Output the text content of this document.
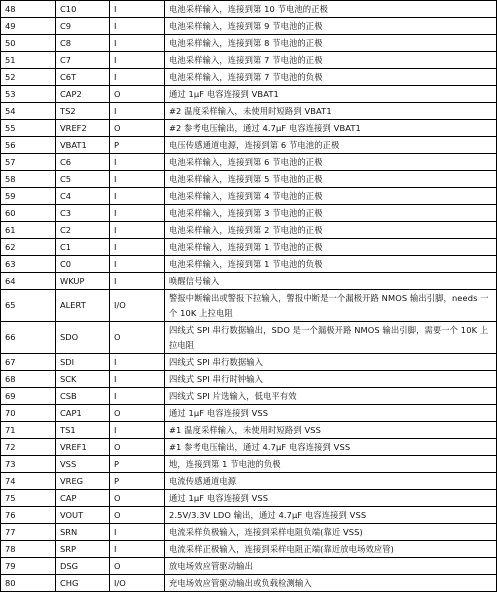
48	C10	I	电池采样输入，连接到第 10 节电池的正极
49	C9	I	电池采样输入，连接到第 9 节电池的正极
50	C8	I	电池采样输入，连接到第 8 节电池的正极
51	C7	I	电池采样输入，连接到第 7 节电池的正极
52	C6T	I	电池采样输入，连接到第 7 节电池的负极
53	CAP2	O	通过 1μF 电容连接到 VBAT1
54	TS2	I	#2 温度采样输入，未使用时短路到 VBAT1
55	VREF2	O	#2 参考电压输出，通过 4.7μF 电容连接到 VBAT1
56	VBAT1	P	电压传感通道电源，连接到第 6 节电池的正极
57	C6	I	电池采样输入，连接到第 6 节电池的正极
58	C5	I	电池采样输入，连接到第 5 节电池的正极
59	C4	I	电池采样输入，连接到第 4 节电池的正极
60	C3	I	电池采样输入，连接到第 3 节电池的正极
61	C2	I	电池采样输入，连接到第 2 节电池的正极
62	C1	I	电池采样输入，连接到第 1 节电池的正极
63	C0	I	电池采样输入，连接到第 1 节电池的负极
64	WKUP	I	唤醒信号输入
65	ALERT	I/O	警报中断输出或警报下拉输入，警报中断是一个漏极开路 NMOS 输出引脚，needs 一个 10K 上拉电阻
66	SDO	O	四线式 SPI 串行数据输出，SDO 是一个漏极开路 NMOS 输出引脚，需要一个 10K 上拉电阻
67	SDI	I	四线式 SPI 串行数据输入
68	SCK	I	四线式 SPI 串行时钟输入
69	CSB	I	四线式 SPI 片选输入，低电平有效
70	CAP1	O	通过 1μF 电容连接到 VSS
71	TS1	I	#1 温度采样输入，未使用时短路到 VSS
72	VREF1	O	#1 参考电压输出，通过 4.7μF 电容连接到 VSS
73	VSS	P	地，连接到第 1 节电池的负极
74	VREG	P	电流传感通道电源
75	CAP	O	通过 1μF 电容连接到 VSS
76	VOUT	O	2.5V/3.3V LDO 输出，通过 4.7μF 电容连接到 VSS
77	SRN	I	电流采样负极输入，连接到采样电阻负端(靠近 VSS)
78	SRP	I	电流采样正极输入，连接到采样电阻正端(靠近放电场效应管)
79	DSG	O	放电场效应管驱动输出
80	CHG	I/O	充电场效应管驱动输出或负载检测输入
